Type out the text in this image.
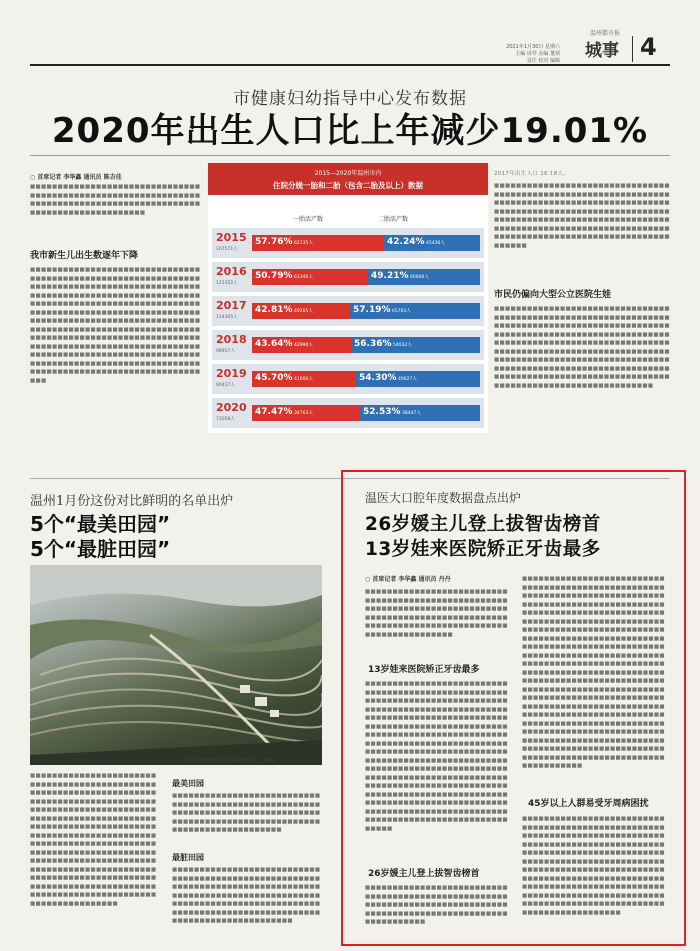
2021年1月30日 星期六
主编 周琴 美编 董炳
责任 校对 编辑
温州都市报
城事 4
市健康妇幼指导中心发布数据
2020年出生人口比上年减少19.01%
○ 首席记者 李华鑫 通讯员 陈吉佳
■■■■■■■■■■■■■■■■■■■■■■■■■■■■■■■■■■■■■■■■■■■■■■■■■■■■■■■■■■■■■■■■■■■■■■■■■■■■■■■■■■■■■■■■■■■■■■■■■■■■■■■■■■■■■■■■■■
我市新生儿出生数逐年下降
■■■■■■■■■■■■■■■■■■■■■■■■■■■■■■■■■■■■■■■■■■■■■■■■■■■■■■■■■■■■■■■■■■■■■■■■■■■■■■■■■■■■■■■■■■■■■■■■■■■■■■■■■■■■■■■■■■■■■■■■■■■■■■■■■■■■■■■■■■■■■■■■■■■■■■■■■■■■■■■■■■■■■■■■■■■■■■■■■■■■■■■■■■■■■■■■■■■■■■■■■■■■■■■■■■■■■■■■■■■■■■■■■■■■■■■■■■■■■■■■■■■■■■■■■■■■■■■■■■■■■■■■■■■■■■■■■■■■■■■■■■■■■■■■■■■■■■■■■■■■■■■■■■■■■■■■■■■■■■■■■■■■■■■■■■■■■■■■■■■■■■■■■■■■■■■■■■■■■■■■■■■■■■■■■■■■■■■■■■■■■■■■■■■■■■■■■■■■■■■■■■■■■■
2015—2020年温州市内
住院分娩一胎和二胎（包含二胎及以上）数据
一胎活产数	二胎活产数
2015
107571人
57.76% 62135人	42.24% 45436人
2016
121352人
50.79% 61346人	49.21% 60006人
2017
114305人
42.81% 49205人	57.19% 65763人
2018
98957人
43.64% 42990人	56.36% 54032人
2019
90417人
45.70% 41000人	54.30% 49027人
2020
73058人
47.47% 34763人	52.53% 38447人
2017年出生人口 16.18人。
■■■■■■■■■■■■■■■■■■■■■■■■■■■■■■■■■■■■■■■■■■■■■■■■■■■■■■■■■■■■■■■■■■■■■■■■■■■■■■■■■■■■■■■■■■■■■■■■■■■■■■■■■■■■■■■■■■■■■■■■■■■■■■■■■■■■■■■■■■■■■■■■■■■■■■■■■■■■■■■■■■■■■■■■■■■■■■■■■■■■■■■■■■■■■■■■■■■■■■■■■■■■■■■■■■■■■■■■■■■■■■■■■■■■■■
市民仍偏向大型公立医院生娃
■■■■■■■■■■■■■■■■■■■■■■■■■■■■■■■■■■■■■■■■■■■■■■■■■■■■■■■■■■■■■■■■■■■■■■■■■■■■■■■■■■■■■■■■■■■■■■■■■■■■■■■■■■■■■■■■■■■■■■■■■■■■■■■■■■■■■■■■■■■■■■■■■■■■■■■■■■■■■■■■■■■■■■■■■■■■■■■■■■■■■■■■■■■■■■■■■■■■■■■■■■■■■■■■■■■■■■■■■■■■■■■■■■■■■■■■■■■■■■■■■■■■■■■■■■■■■■■■■■■■■■■■■■■■■■■■■■■■■■■■■■■■■■■■■■■■■■■■■■■■■■■■■■■■■■■■■■■■■
温州1月份这份对比鲜明的名单出炉
5个“最美田园”
5个“最脏田园”
最美田园鹿城区“OHS”等通衢老镇山上坡梯田
■■■■■■■■■■■■■■■■■■■■■■■■■■■■■■■■■■■■■■■■■■■■■■■■■■■■■■■■■■■■■■■■■■■■■■■■■■■■■■■■■■■■■■■■■■■■■■■■■■■■■■■■■■■■■■■■■■■■■■■■■■■■■■■■■■■■■■■■■■■■■■■■■■■■■■■■■■■■■■■■■■■■■■■■■■■■■■■■■■■■■■■■■■■■■■■■■■■■■■■■■■■■■■■■■■■■■■■■■■■■■■■■■■■■■■■■■■■■■■■■■■■■■■■■■■■■■■■■■■■■■■■■■■■■■■■■■■■■■■■■■■■■■■■■■■■■■■■■■■■■■■■■■■■■■■■■■■■■■■■■■■■■■■■■■■■■■■■■■■■■■■■■■■■■■■■■■■■■■■■■■
最美田园
■■■■■■■■■■■■■■■■■■■■■■■■■■■■■■■■■■■■■■■■■■■■■■■■■■■■■■■■■■■■■■■■■■■■■■■■■■■■■■■■■■■■■■■■■■■■■■■■■■■■■■■■■■■■■■■■■■■■■■■■■■■■■■■■
最脏田园
■■■■■■■■■■■■■■■■■■■■■■■■■■■■■■■■■■■■■■■■■■■■■■■■■■■■■■■■■■■■■■■■■■■■■■■■■■■■■■■■■■■■■■■■■■■■■■■■■■■■■■■■■■■■■■■■■■■■■■■■■■■■■■■■■■■■■■■■■■■■■■■■■■■■■■■■■■■■■■■■■■■■■■■■■■■■■■■■■■■■■■■■
温医大口腔年度数据盘点出炉
26岁媛主儿登上拔智齿榜首
13岁娃来医院矫正牙齿最多
○ 首席记者 李华鑫 通讯员 丹丹
■■■■■■■■■■■■■■■■■■■■■■■■■■■■■■■■■■■■■■■■■■■■■■■■■■■■■■■■■■■■■■■■■■■■■■■■■■■■■■■■■■■■■■■■■■■■■■■■■■■■■■■■■■■■■■■■■■■■■■■■■■■■■■■■■■■■■■■■■■■■■■■■■■
13岁娃来医院矫正牙齿最多
■■■■■■■■■■■■■■■■■■■■■■■■■■■■■■■■■■■■■■■■■■■■■■■■■■■■■■■■■■■■■■■■■■■■■■■■■■■■■■■■■■■■■■■■■■■■■■■■■■■■■■■■■■■■■■■■■■■■■■■■■■■■■■■■■■■■■■■■■■■■■■■■■■■■■■■■■■■■■■■■■■■■■■■■■■■■■■■■■■■■■■■■■■■■■■■■■■■■■■■■■■■■■■■■■■■■■■■■■■■■■■■■■■■■■■■■■■■■■■■■■■■■■■■■■■■■■■■■■■■■■■■■■■■■■■■■■■■■■■■■■■■■■■■■■■■■■■■■■■■■■■■■■■■■■■■■■■■■■■■■■■■■■■■■■■■■■■■■■■■■■■■■■■■■■■■■■■■■■■■■■■■■■■■■■■■■■■■■■■■■■■■■■■■■■■■■■■■■■■■■■■■■■■■■■■■■■■■■■■■■■■■■■■■■■■■■■■■■■■■■■■■■■■■
26岁媛主儿登上拔智齿榜首
■■■■■■■■■■■■■■■■■■■■■■■■■■■■■■■■■■■■■■■■■■■■■■■■■■■■■■■■■■■■■■■■■■■■■■■■■■■■■■■■■■■■■■■■■■■■■■■■■■■■■■■■■■■■■■■■■■■
■■■■■■■■■■■■■■■■■■■■■■■■■■■■■■■■■■■■■■■■■■■■■■■■■■■■■■■■■■■■■■■■■■■■■■■■■■■■■■■■■■■■■■■■■■■■■■■■■■■■■■■■■■■■■■■■■■■■■■■■■■■■■■■■■■■■■■■■■■■■■■■■■■■■■■■■■■■■■■■■■■■■■■■■■■■■■■■■■■■■■■■■■■■■■■■■■■■■■■■■■■■■■■■■■■■■■■■■■■■■■■■■■■■■■■■■■■■■■■■■■■■■■■■■■■■■■■■■■■■■■■■■■■■■■■■■■■■■■■■■■■■■■■■■■■■■■■■■■■■■■■■■■■■■■■■■■■■■■■■■■■■■■■■■■■■■■■■■■■■■■■■■■■■■■■■■■■■■■■■■■■■■■■■■■■■■■■■■■■■■■■■■■■■■■■■■■■■■■■■■■■■■■■■■■■■■■■■■■■■■■■■■■■■■■■■■■■■■■■■■■■■■■■■■■■■■■■■■■■■■■■■■■■■■■■■■■■■■■■■■■■■■■■■■■■■■■■■■■■■■■■■■■■■■■■■■■■■■■■■■■■■■■■■■■■■■■■■■■■■■■■■■■■■■■■■■■■■■■■■■■■■■■■■■■■■■■■■■■■■■■■■
45岁以上人群易受牙周病困扰
■■■■■■■■■■■■■■■■■■■■■■■■■■■■■■■■■■■■■■■■■■■■■■■■■■■■■■■■■■■■■■■■■■■■■■■■■■■■■■■■■■■■■■■■■■■■■■■■■■■■■■■■■■■■■■■■■■■■■■■■■■■■■■■■■■■■■■■■■■■■■■■■■■■■■■■■■■■■■■■■■■■■■■■■■■■■■■■■■■■■■■■■■■■■■■■■■■■■■■■■■■■■■■■■■■■■■■■■■■■■■■■■■■■■■■■■■■■■■■■■■■■■■■■■■■■■■■■■■■■■■■■■■■■■■■■■■■■■■■■■■■■■■■■■■■■■■■■■■■■■■■■■
